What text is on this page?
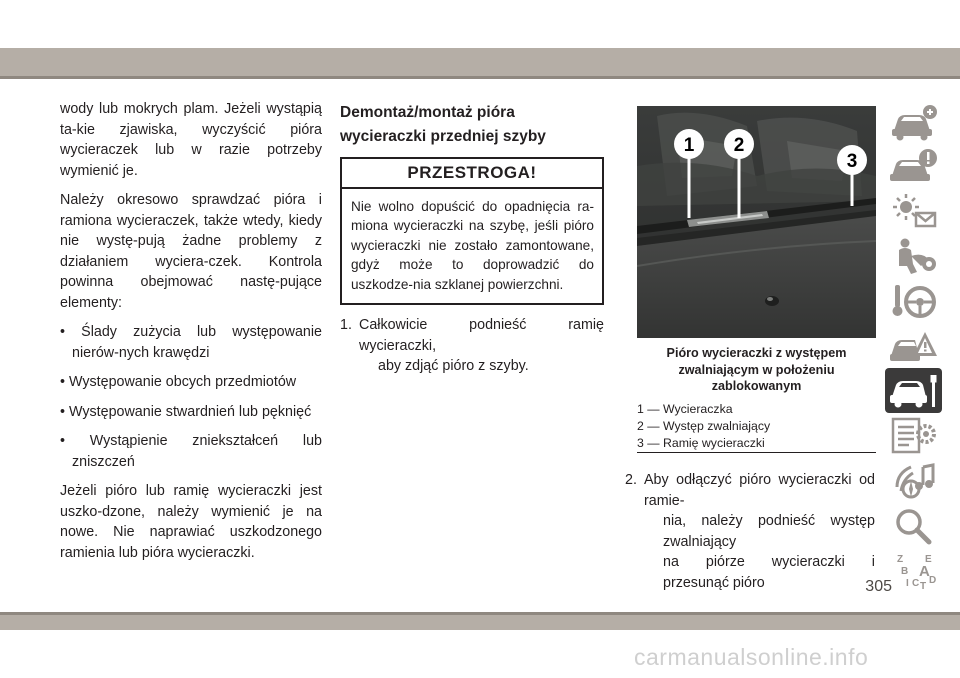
wody lub mokrych plam. Jeżeli wystąpią ta-kie zjawiska, wyczyścić pióra wycieraczek lub w razie potrzeby wymienić je.

Należy okresowo sprawdzać pióra i ramiona wycieraczek, także wtedy, kiedy nie wystę-pują żadne problemy z działaniem wyciera-czek. Kontrola powinna obejmować nastę-pujące elementy:

• Ślady zużycia lub występowanie nierów-nych krawędzi

• Występowanie obcych przedmiotów

• Występowanie stwardnień lub pęknięć

• Wystąpienie zniekształceń lub zniszczeń

Jeżeli pióro lub ramię wycieraczki jest uszko-dzone, należy wymienić je na nowe. Nie naprawiać uszkodzonego ramienia lub pióra wycieraczki.

Demontaż/montaż pióra wycieraczki przedniej szyby
PRZESTROGA!
Nie wolno dopuścić do opadnięcia ra-miona wycieraczki na szybę, jeśli pióro wycieraczki nie zostało zamontowane, gdyż może to doprowadzić do uszkodze-nia szklanej powierzchni.
1. Całkowicie podnieść ramię wycieraczki,
aby zdjąć pióro z szyby.
1 2
3
Pióro wycieraczki z występem zwalniającym w położeniu zablokowanym
1 — Wycieraczka
2 — Występ zwalniający
3 — Ramię wycieraczki
2. Aby odłączyć pióro wycieraczki od ramie-
nia, należy podnieść występ zwalniający
na piórze wycieraczki i przesunąć pióro
Z E
B A
I C T
D
305
carmanualsonline.info
